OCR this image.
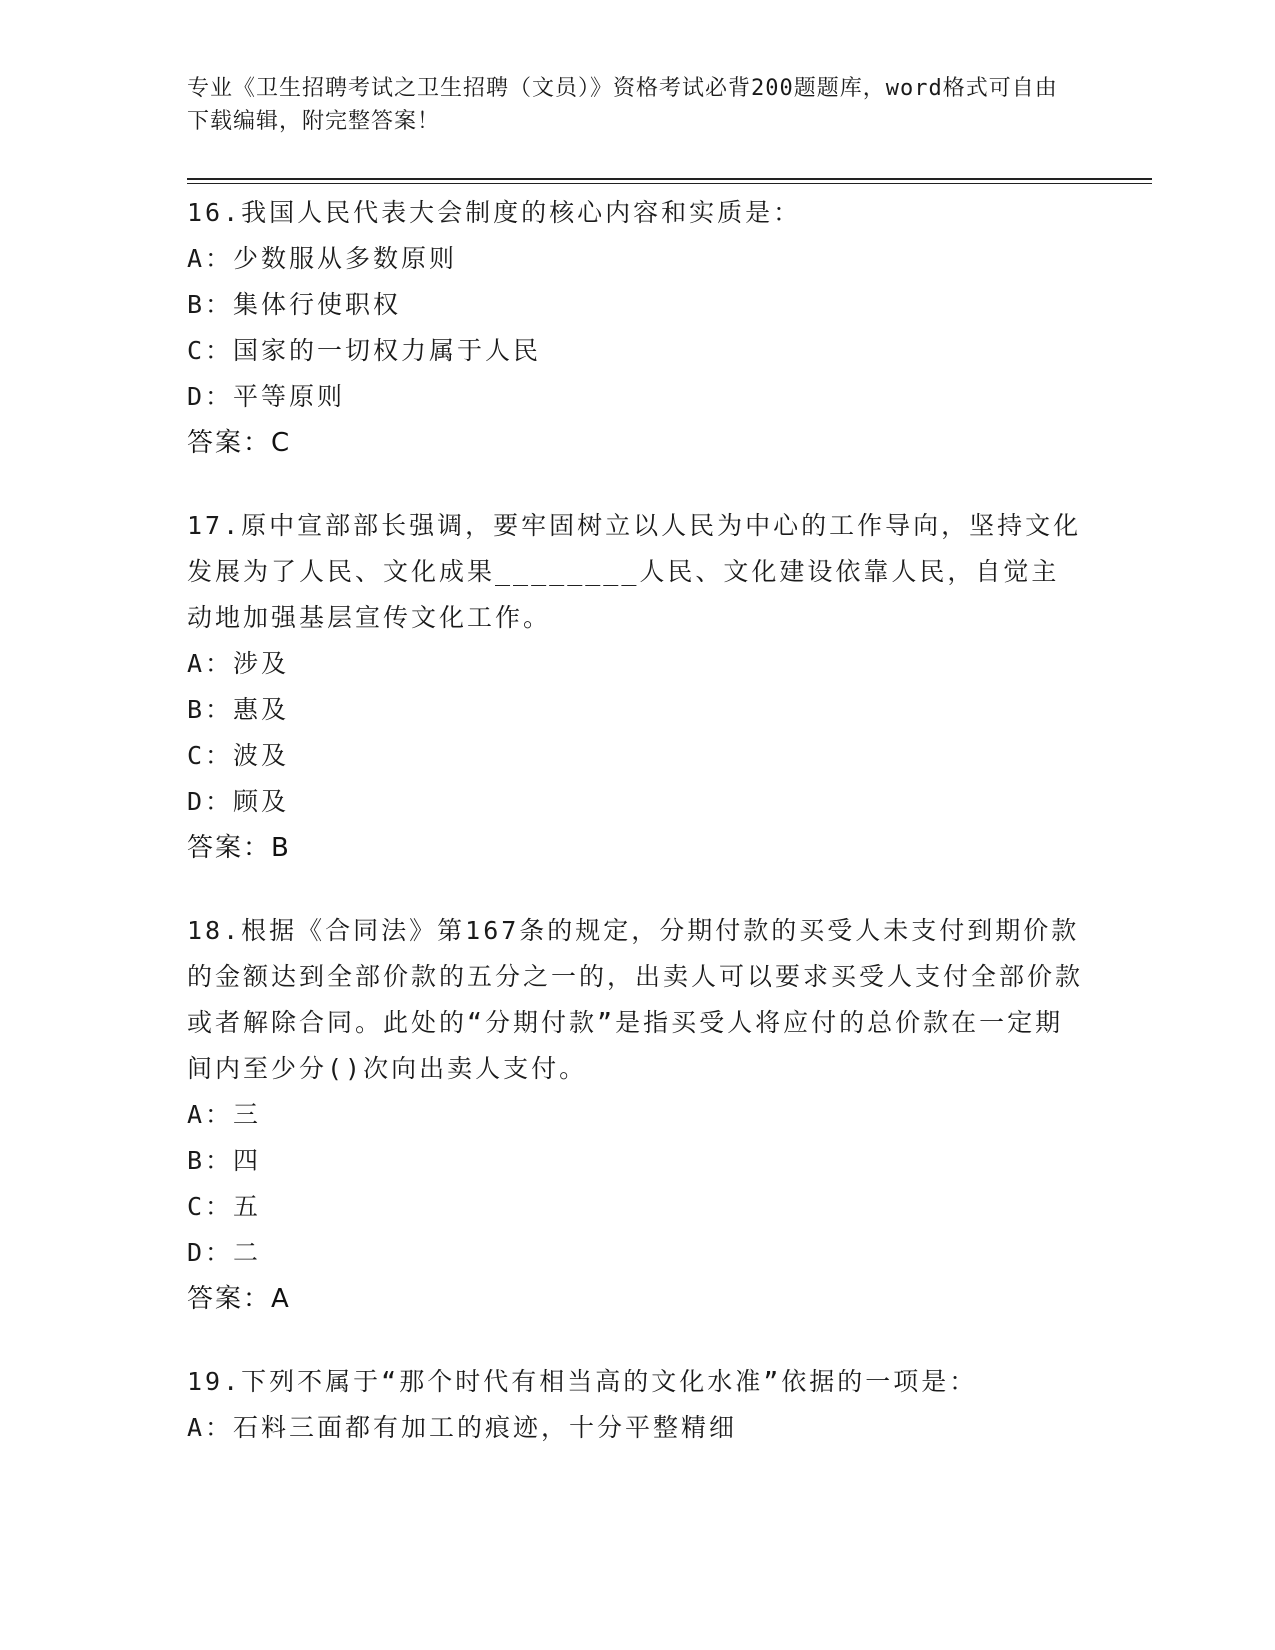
专业《卫生招聘考试之卫生招聘（文员）》资格考试必背200题题库，word格式可自由下载编辑，附完整答案！
16.我国人民代表大会制度的核心内容和实质是：
A：少数服从多数原则
B：集体行使职权
C：国家的一切权力属于人民
D：平等原则
答案：C
17.原中宣部部长强调，要牢固树立以人民为中心的工作导向，坚持文化发展为了人民、文化成果________人民、文化建设依靠人民，自觉主动地加强基层宣传文化工作。
A：涉及
B：惠及
C：波及
D：顾及
答案：B
18.根据《合同法》第167条的规定，分期付款的买受人未支付到期价款的金额达到全部价款的五分之一的，出卖人可以要求买受人支付全部价款或者解除合同。此处的“分期付款”是指买受人将应付的总价款在一定期间内至少分()次向出卖人支付。
A：三
B：四
C：五
D：二
答案：A
19.下列不属于“那个时代有相当高的文化水准”依据的一项是：
A：石料三面都有加工的痕迹，十分平整精细
